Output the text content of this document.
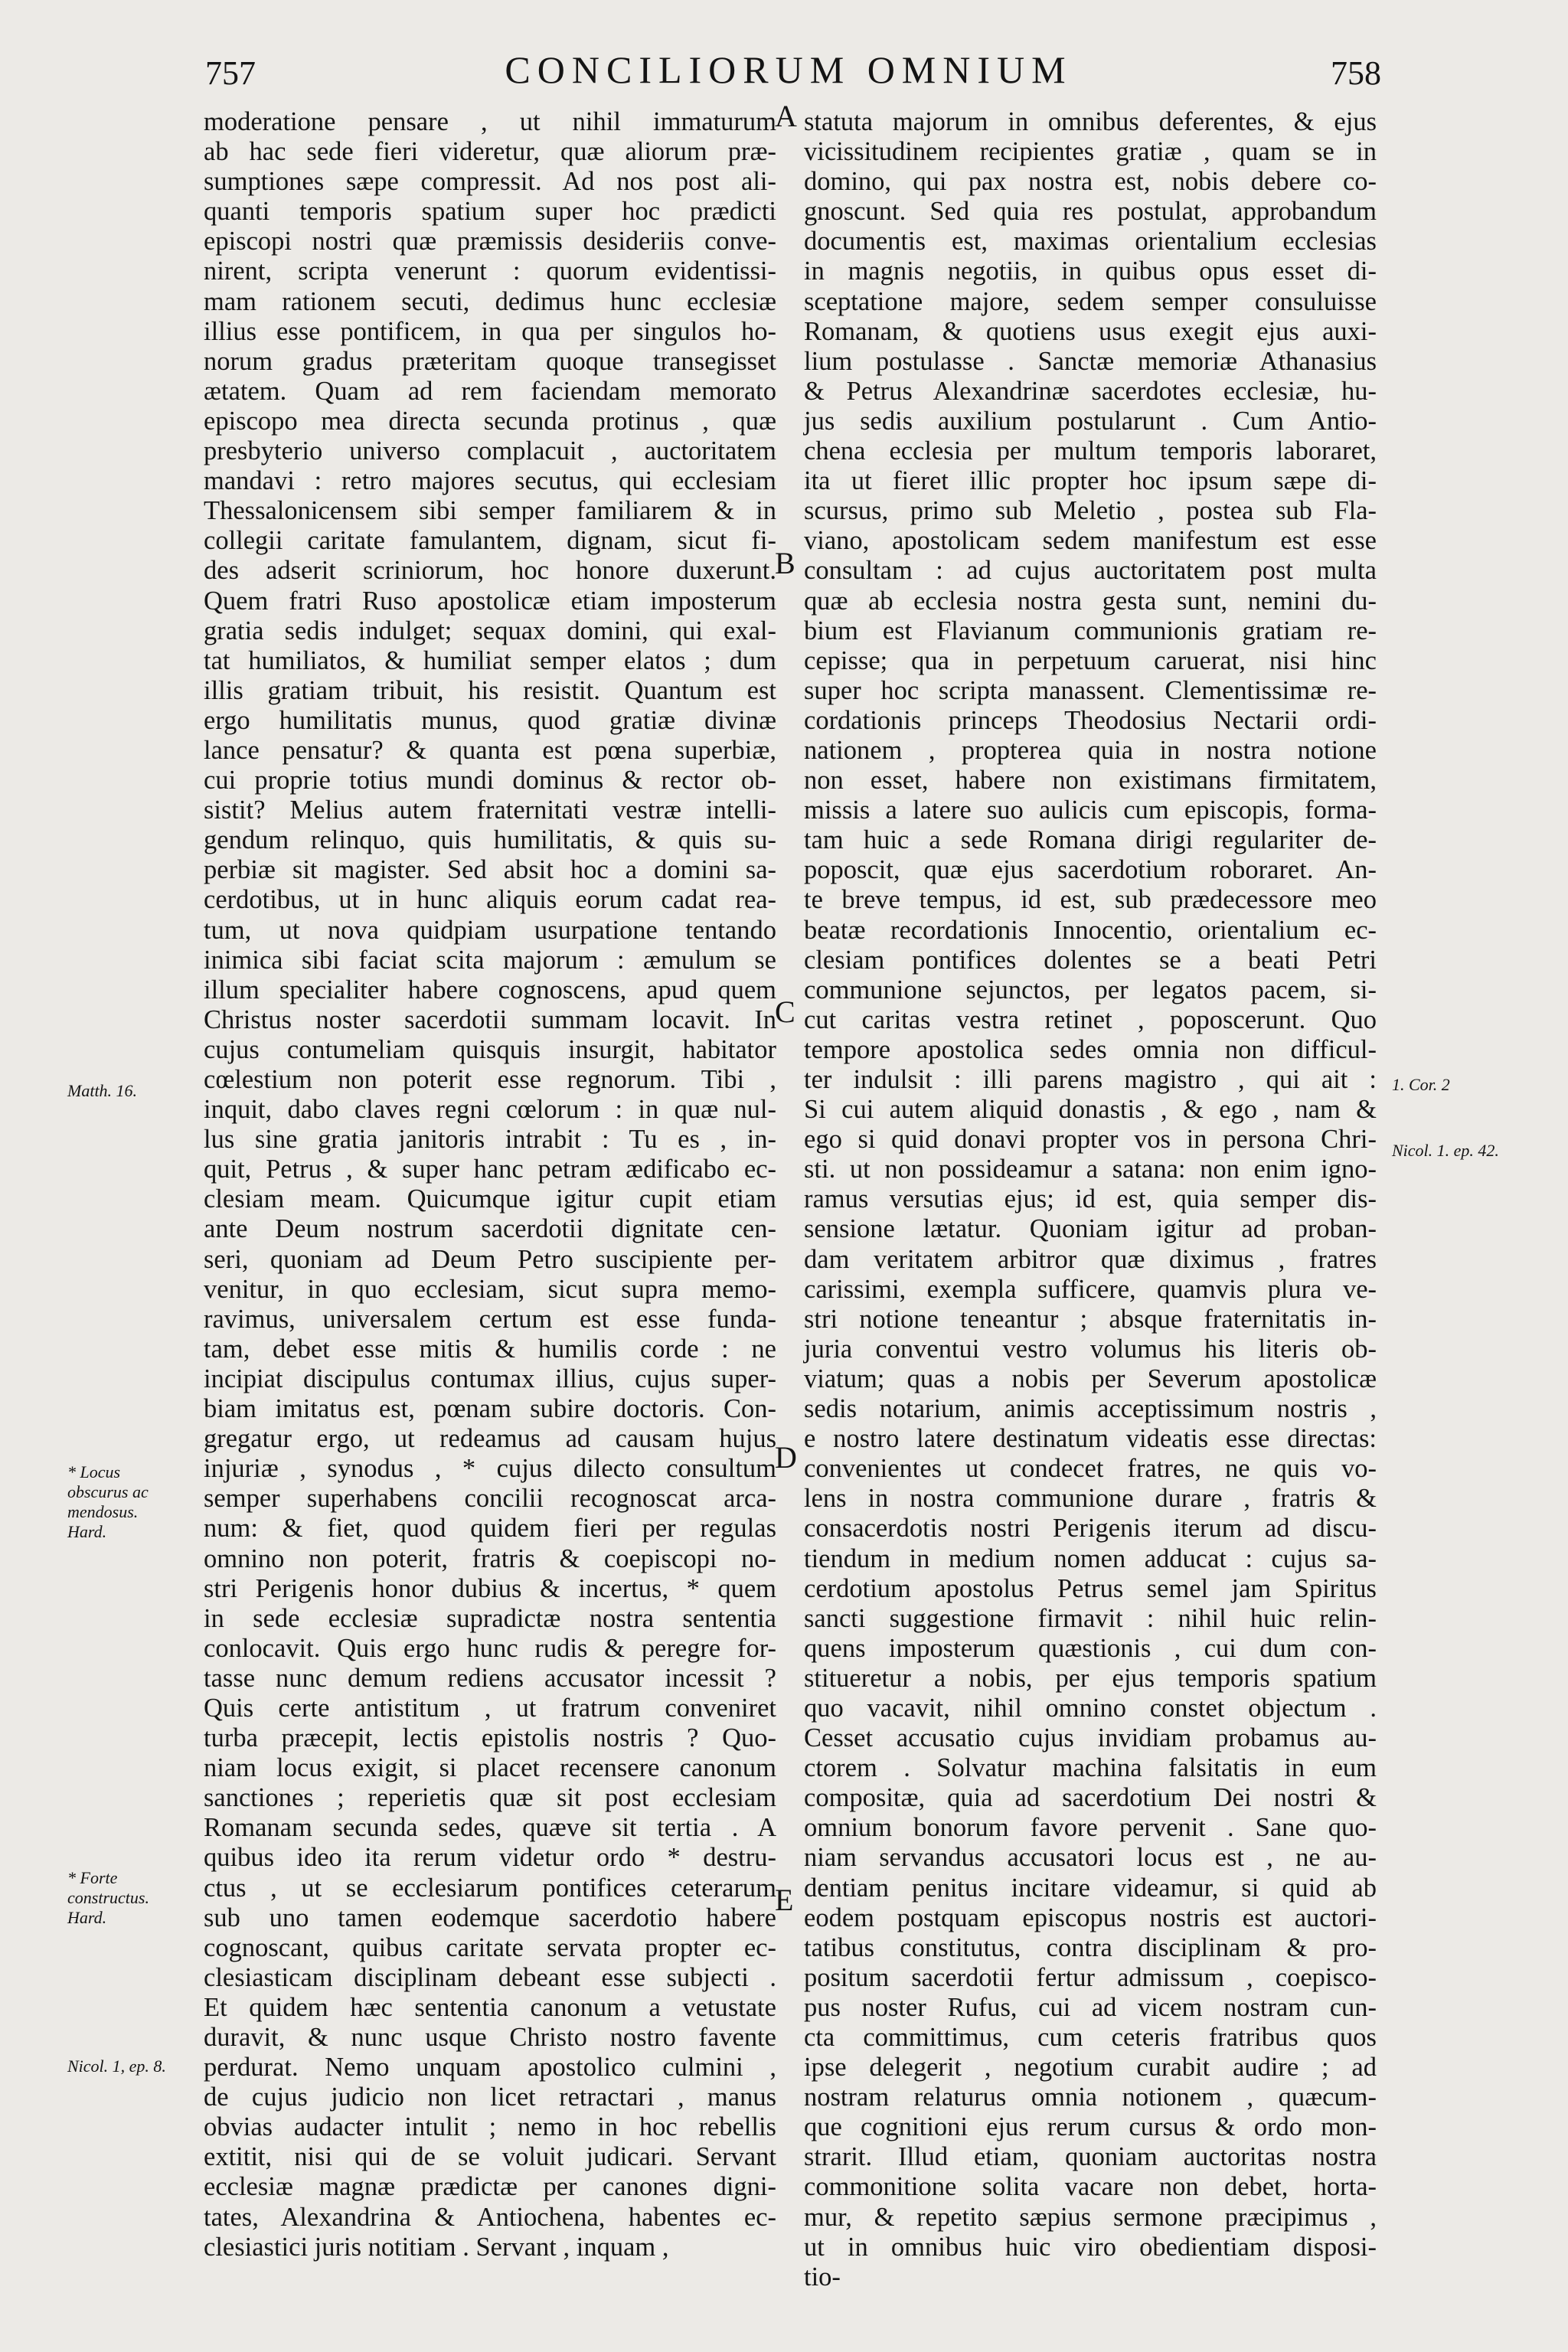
757	CONCILIORUM OMNIUM	758
moderatione pensare , ut nihil immaturum
ab hac sede fieri videretur, quæ aliorum præ-
sumptiones sæpe compressit. Ad nos post ali-
quanti temporis spatium super hoc prædicti
episcopi nostri quæ præmissis desideriis conve-
nirent, scripta venerunt : quorum evidentissi-
mam rationem secuti, dedimus hunc ecclesiæ
illius esse pontificem, in qua per singulos ho-
norum gradus præteritam quoque transegisset
ætatem. Quam ad rem faciendam memorato
episcopo mea directa secunda protinus , quæ
presbyterio universo complacuit , auctoritatem
mandavi : retro majores secutus, qui ecclesiam
Thessalonicensem sibi semper familiarem & in
collegii caritate famulantem, dignam, sicut fi-
des adserit scriniorum, hoc honore duxerunt.
Quem fratri Ruso apostolicæ etiam imposterum
gratia sedis indulget; sequax domini, qui exal-
tat humiliatos, & humiliat semper elatos ; dum
illis gratiam tribuit, his resistit. Quantum est
ergo humilitatis munus, quod gratiæ divinæ
lance pensatur? & quanta est pœna superbiæ,
cui proprie totius mundi dominus & rector ob-
sistit? Melius autem fraternitati vestræ intelli-
gendum relinquo, quis humilitatis, & quis su-
perbiæ sit magister. Sed absit hoc a domini sa-
cerdotibus, ut in hunc aliquis eorum cadat rea-
tum, ut nova quidpiam usurpatione tentando
inimica sibi faciat scita majorum : æmulum se
illum specialiter habere cognoscens, apud quem
Christus noster sacerdotii summam locavit. In
cujus contumeliam quisquis insurgit, habitator
cœlestium non poterit esse regnorum. Tibi ,
inquit, dabo claves regni cœlorum : in quæ nul-
lus sine gratia janitoris intrabit : Tu es , in-
quit, Petrus , & super hanc petram ædificabo ec-
clesiam meam. Quicumque igitur cupit etiam
ante Deum nostrum sacerdotii dignitate cen-
seri, quoniam ad Deum Petro suscipiente per-
venitur, in quo ecclesiam, sicut supra memo-
ravimus, universalem certum est esse funda-
tam, debet esse mitis & humilis corde : ne
incipiat discipulus contumax illius, cujus super-
biam imitatus est, pœnam subire doctoris. Con-
gregatur ergo, ut redeamus ad causam hujus
injuriæ , synodus , * cujus dilecto consultum
semper superhabens concilii recognoscat arca-
num: & fiet, quod quidem fieri per regulas
omnino non poterit, fratris & coepiscopi no-
stri Perigenis honor dubius & incertus, * quem
in sede ecclesiæ supradictæ nostra sententia
conlocavit. Quis ergo hunc rudis & peregre for-
tasse nunc demum rediens accusator incessit ?
Quis certe antistitum , ut fratrum conveniret
turba præcepit, lectis epistolis nostris ? Quo-
niam locus exigit, si placet recensere canonum
sanctiones ; reperietis quæ sit post ecclesiam
Romanam secunda sedes, quæve sit tertia . A
quibus ideo ita rerum videtur ordo * destru-
ctus , ut se ecclesiarum pontifices ceterarum
sub uno tamen eodemque sacerdotio habere
cognoscant, quibus caritate servata propter ec-
clesiasticam disciplinam debeant esse subjecti .
Et quidem hæc sententia canonum a vetustate
duravit, & nunc usque Christo nostro favente
perdurat. Nemo unquam apostolico culmini ,
de cujus judicio non licet retractari , manus
obvias audacter intulit ; nemo in hoc rebellis
extitit, nisi qui de se voluit judicari. Servant
ecclesiæ magnæ prædictæ per canones digni-
tates, Alexandrina & Antiochena, habentes ec-
clesiastici juris notitiam . Servant , inquam ,
statuta majorum in omnibus deferentes, & ejus
vicissitudinem recipientes gratiæ , quam se in
domino, qui pax nostra est, nobis debere co-
gnoscunt. Sed quia res postulat, approbandum
documentis est, maximas orientalium ecclesias
in magnis negotiis, in quibus opus esset di-
sceptatione majore, sedem semper consuluisse
Romanam, & quotiens usus exegit ejus auxi-
lium postulasse . Sanctæ memoriæ Athanasius
& Petrus Alexandrinæ sacerdotes ecclesiæ, hu-
jus sedis auxilium postularunt . Cum Antio-
chena ecclesia per multum temporis laboraret,
ita ut fieret illic propter hoc ipsum sæpe di-
scursus, primo sub Meletio , postea sub Fla-
viano, apostolicam sedem manifestum est esse
consultam : ad cujus auctoritatem post multa
quæ ab ecclesia nostra gesta sunt, nemini du-
bium est Flavianum communionis gratiam re-
cepisse; qua in perpetuum caruerat, nisi hinc
super hoc scripta manassent. Clementissimæ re-
cordationis princeps Theodosius Nectarii ordi-
nationem , propterea quia in nostra notione
non esset, habere non existimans firmitatem,
missis a latere suo aulicis cum episcopis, forma-
tam huic a sede Romana dirigi regulariter de-
poposcit, quæ ejus sacerdotium roboraret. An-
te breve tempus, id est, sub prædecessore meo
beatæ recordationis Innocentio, orientalium ec-
clesiam pontifices dolentes se a beati Petri
communione sejunctos, per legatos pacem, si-
cut caritas vestra retinet , poposcerunt. Quo
tempore apostolica sedes omnia non difficul-
ter indulsit : illi parens magistro , qui ait :
Si cui autem aliquid donastis , & ego , nam &
ego si quid donavi propter vos in persona Chri-
sti. ut non possideamur a satana: non enim igno-
ramus versutias ejus; id est, quia semper dis-
sensione lætatur. Quoniam igitur ad proban-
dam veritatem arbitror quæ diximus , fratres
carissimi, exempla sufficere, quamvis plura ve-
stri notione teneantur ; absque fraternitatis in-
juria conventui vestro volumus his literis ob-
viatum; quas a nobis per Severum apostolicæ
sedis notarium, animis acceptissimum nostris ,
e nostro latere destinatum videatis esse directas:
convenientes ut condecet fratres, ne quis vo-
lens in nostra communione durare , fratris &
consacerdotis nostri Perigenis iterum ad discu-
tiendum in medium nomen adducat : cujus sa-
cerdotium apostolus Petrus semel jam Spiritus
sancti suggestione firmavit : nihil huic relin-
quens imposterum quæstionis , cui dum con-
stitueretur a nobis, per ejus temporis spatium
quo vacavit, nihil omnino constet objectum .
Cesset accusatio cujus invidiam probamus au-
ctorem . Solvatur machina falsitatis in eum
compositæ, quia ad sacerdotium Dei nostri &
omnium bonorum favore pervenit . Sane quo-
niam servandus accusatori locus est , ne au-
dentiam penitus incitare videamur, si quid ab
eodem postquam episcopus nostris est auctori-
tatibus constitutus, contra disciplinam & pro-
positum sacerdotii fertur admissum , coepisco-
pus noster Rufus, cui ad vicem nostram cun-
cta committimus, cum ceteris fratribus quos
ipse delegerit , negotium curabit audire ; ad
nostram relaturus omnia notionem , quæcum-
que cognitioni ejus rerum cursus & ordo mon-
strarit. Illud etiam, quoniam auctoritas nostra
commonitione solita vacare non debet, horta-
mur, & repetito sæpius sermone præcipimus ,
ut in omnibus huic viro obedientiam disposi-
tio-
A
B
C
D
E
Matth. 16.
* Locus obscurus ac mendosus. Hard.
* Forte constructus. Hard.
Nicol. 1, ep. 8.
1. Cor. 2
Nicol. 1. ep. 42.
